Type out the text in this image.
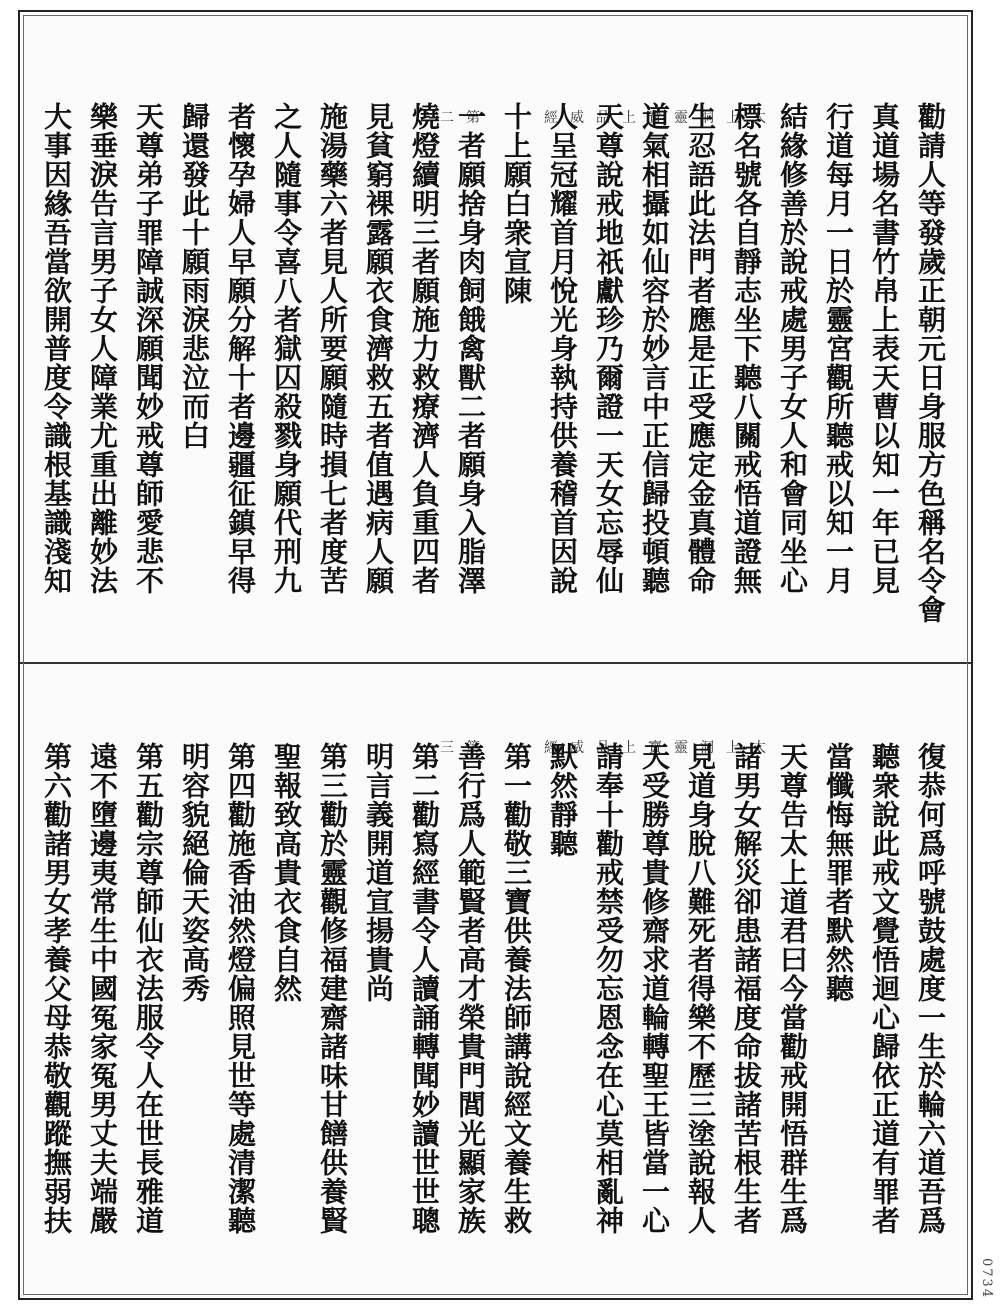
二第　　經威品上寶靈洞上太	勸請人等發歲正朝元日身服方色稱名令會
真道場名書竹帛上表天曹以知一年已見
行道每月一日於靈宮觀所聽戒以知一月
結緣修善於說戒處男子女人和會同坐心
標名號各自靜志坐下聽八關戒悟道證無
生忍語此法門者應是正受應定金真體命
道氣相攝如仙容於妙言中正信歸投頓聽
天尊說戒地祇獻珍乃爾證一天女忘辱仙
人呈冠耀首月悅光身執持供養稽首因說
十上願白衆宣陳
一者願捨身肉飼餓禽獸二者願身入脂澤
燒燈續明三者願施力救療濟人負重四者
見貧窮裸露願衣食濟救五者值遇病人願
施湯藥六者見人所要願隨時損七者度苦
之人隨事令喜八者獄囚殺戮身願代刑九
者懷孕婦人早願分解十者邊疆征鎮早得
歸還發此十願雨淚悲泣而白
天尊弟子罪障誠深願聞妙戒尊師愛悲不
樂垂淚告言男子女人障業尤重出離妙法
大事因緣吾當欲開普度令識根基識淺知
三第　　經威品上寶靈洞上太	復恭何爲呼號鼓處度一生於輪六道吾爲
聽衆說此戒文覺悟迴心歸依正道有罪者
當懺悔無罪者默然聽
天尊告太上道君曰今當勸戒開悟群生爲
諸男女解災卻患諸福度命拔諸苦根生者
見道身脫八難死者得樂不歷三塗說報人
天受勝尊貴修齋求道輪轉聖王皆當一心
請奉十勸戒禁受勿忘恩念在心莫相亂神
默然靜聽
第一勸敬三寶供養法師講說經文養生救
善行爲人範賢者高才榮貴門閭光顯家族
第二勸寫經書令人讀誦轉聞妙讀世世聰
明言義開道宣揚貴尚
第三勸於靈觀修福建齋諸味甘饍供養賢
聖報致高貴衣食自然
第四勸施香油然燈偏照見世等處清潔聽
明容貌絕倫天姿高秀
第五勸宗尊師仙衣法服令人在世長雅道
遠不墮邊夷常生中國冤家冤男丈夫端嚴
第六勸諸男女孝養父母恭敬觀蹤撫弱扶
0734
